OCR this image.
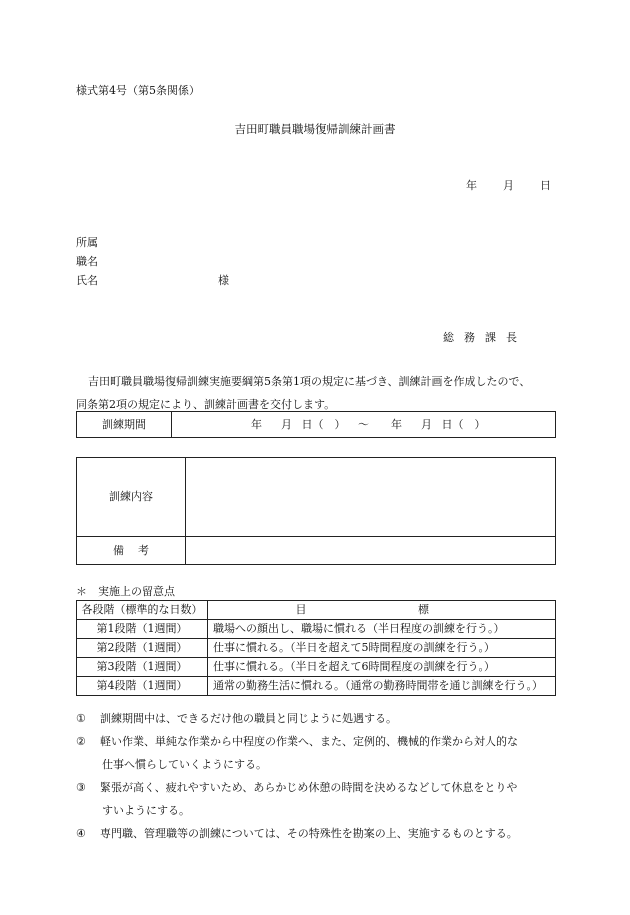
様式第4号（第5条関係）
吉田町職員職場復帰訓練計画書
年 月 日
所属
職名
氏名	様
総務課長

吉田町職員職場復帰訓練実施要綱第5条第1項の規定に基づき、訓練計画を作成したので、

同条第2項の規定により、訓練計画書を交付します。

訓練期間	年 月 日（　） ～ 年 月 日（　）
訓練内容	
備考	
＊　実施上の留意点
各段階（標準的な日数）	目 標
第1段階（1週間）	職場への顔出し、職場に慣れる（半日程度の訓練を行う。）
第2段階（1週間）	仕事に慣れる。（半日を超えて5時間程度の訓練を行う。）
第3段階（1週間）	仕事に慣れる。（半日を超えて6時間程度の訓練を行う。）
第4段階（1週間）	通常の勤務生活に慣れる。（通常の勤務時間帯を通じ訓練を行う。）
① 訓練期間中は、できるだけ他の職員と同じように処遇する。
② 軽い作業、単純な作業から中程度の作業へ、また、定例的、機械的作業から対人的な
仕事へ慣らしていくようにする。
③ 緊張が高く、疲れやすいため、あらかじめ休憩の時間を決めるなどして休息をとりや
すいようにする。
④ 専門職、管理職等の訓練については、その特殊性を勘案の上、実施するものとする。
